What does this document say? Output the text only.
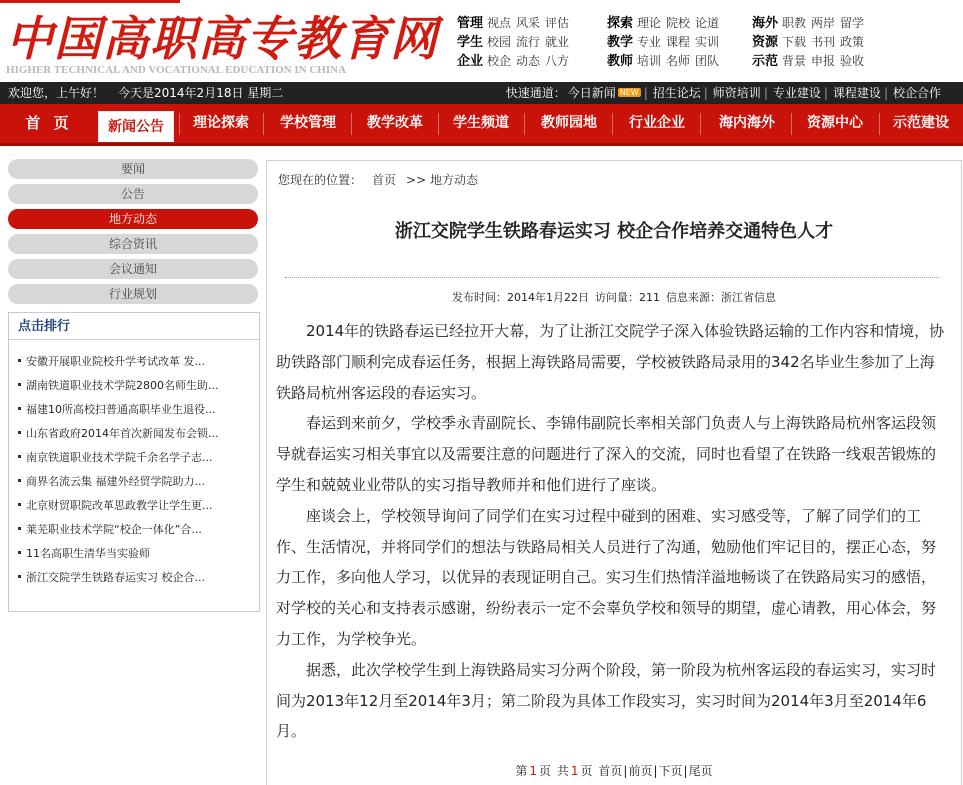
中国高职高专教育网
HIGHER TECHNICAL AND VOCATIONAL EDUCATION IN CHINA
管理 视点 风采 评估
学生 校园 流行 就业
企业 校企 动态 八方
探索 理论 院校 论道
教学 专业 课程 实训
教师 培训 名师 团队
海外 职教 两岸 留学
资源 下载 书刊 政策
示范 背景 申报 验收
欢迎您，上午好！ 今天是2014年2月18日 星期二	快速通道： 今日新闻 NEW | 招生论坛 | 师资培训 | 专业建设 | 课程建设 | 校企合作
首 页	新闻公告	理论探索	学校管理	教学改革	学生频道	教师园地	行业企业	海内海外	资源中心	示范建设
要闻
公告
地方动态
综合资讯
会议通知
行业规划
点击排行
安徽开展职业院校升学考试改革 发...
湖南铁道职业技术学院2800名师生助...
福建10所高校扫普通高职毕业生退役...
山东省政府2014年首次新闻发布会锁...
南京铁道职业技术学院千余名学子志...
商界名流云集 福建外经贸学院助力...
北京财贸职院改革思政教学让学生更...
莱芜职业技术学院“校企一体化”合...
11名高职生清华当实验师
浙江交院学生铁路春运实习 校企合...
您现在的位置： 首页 >> 地方动态
浙江交院学生铁路春运实习 校企合作培养交通特色人才
发布时间：2014年1月22日 访问量：211 信息来源：浙江省信息

2014年的铁路春运已经拉开大幕，为了让浙江交院学子深入体验铁路运输的工作内容和情境，协助铁路部门顺利完成春运任务，根据上海铁路局需要，学校被铁路局录用的342名毕业生参加了上海铁路局杭州客运段的春运实习。

春运到来前夕，学校季永青副院长、李锦伟副院长率相关部门负责人与上海铁路局杭州客运段领导就春运实习相关事宜以及需要注意的问题进行了深入的交流，同时也看望了在铁路一线艰苦锻炼的学生和兢兢业业带队的实习指导教师并和他们进行了座谈。

座谈会上，学校领导询问了同学们在实习过程中碰到的困难、实习感受等，了解了同学们的工作、生活情况，并将同学们的想法与铁路局相关人员进行了沟通，勉励他们牢记目的，摆正心态，努力工作，多向他人学习，以优异的表现证明自己。实习生们热情洋溢地畅谈了在铁路局实习的感悟，对学校的关心和支持表示感谢，纷纷表示一定不会辜负学校和领导的期望，虚心请教，用心体会，努力工作，为学校争光。

据悉，此次学校学生到上海铁路局实习分两个阶段，第一阶段为杭州客运段的春运实习，实习时间为2013年12月至2014年3月；第二阶段为具体工作段实习，实习时间为2014年3月至2014年6月。

第 1 页 共 1 页 首页|前页|下页|尾页
